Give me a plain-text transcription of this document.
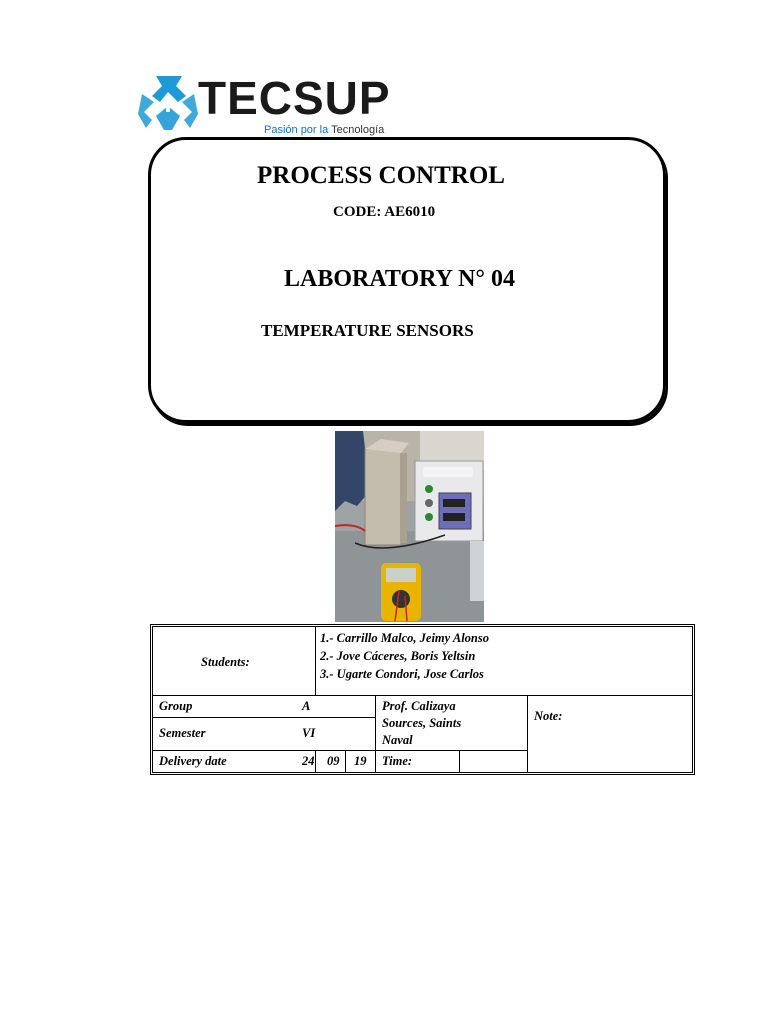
TECSUP
Pasión por la Tecnología
PROCESS CONTROL
CODE: AE6010
LABORATORY N° 04
TEMPERATURE SENSORS
Students:
1.- Carrillo Malco, Jeimy Alonso
2.- Jove Cáceres, Boris Yeltsin
3.- Ugarte Condori, Jose Carlos
Group	A
Semester	VI
Delivery date	24 09 19
Prof. Calizaya
Sources, Saints
Naval
Time:
Note:
